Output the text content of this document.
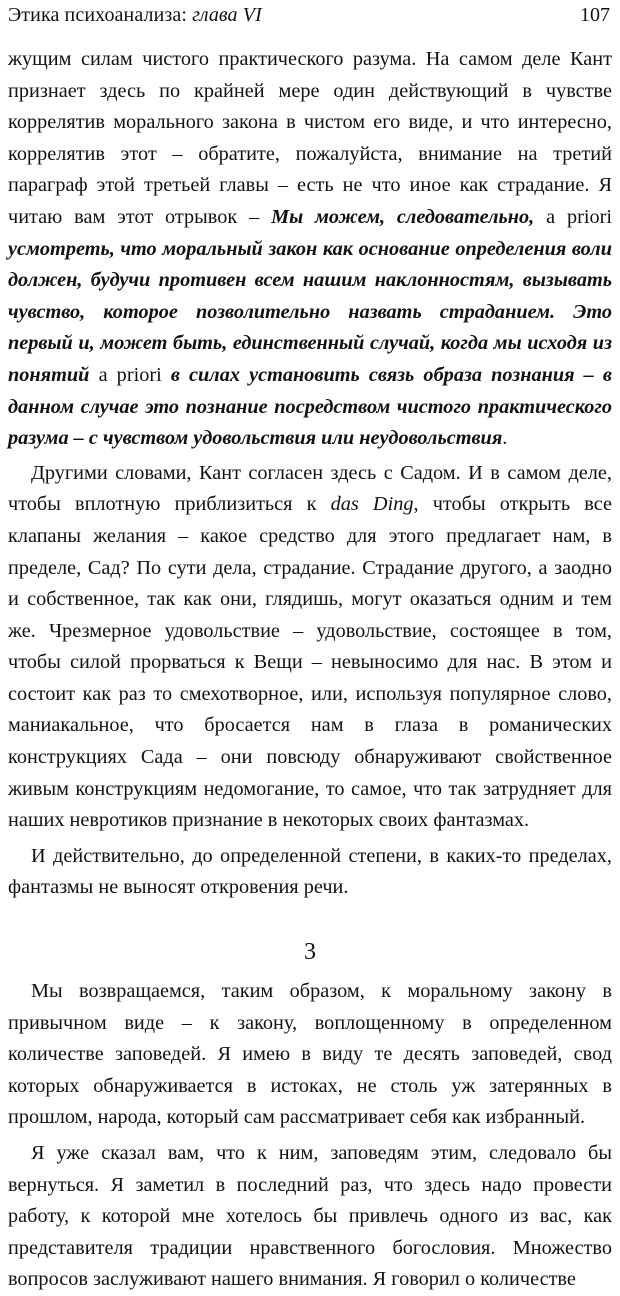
Этика психоанализа: глава VI	107

жущим силам чистого практического разума. На самом деле Кант признает здесь по крайней мере один действующий в чувстве коррелятив морального закона в чистом его виде, и что интересно, коррелятив этот – обратите, пожалуйста, внимание на третий параграф этой третьей главы – есть не что иное как страдание. Я читаю вам этот отрывок – Мы можем, следовательно, a priori усмотреть, что моральный закон как основание определения воли должен, будучи противен всем нашим наклонностям, вызывать чувство, которое позволительно назвать страданием. Это первый и, может быть, единственный случай, когда мы исходя из понятий a priori в силах установить связь образа познания – в данном случае это познание посредством чистого практического разума – с чувством удовольствия или неудовольствия.

Другими словами, Кант согласен здесь с Садом. И в самом деле, чтобы вплотную приблизиться к das Ding, чтобы открыть все клапаны желания – какое средство для этого предлагает нам, в пределе, Сад? По сути дела, страдание. Страдание другого, а заодно и собственное, так как они, глядишь, могут оказаться одним и тем же. Чрезмерное удовольствие – удовольствие, состоящее в том, чтобы силой прорваться к Вещи – невыносимо для нас. В этом и состоит как раз то смехотворное, или, используя популярное слово, маниакальное, что бросается нам в глаза в романических конструкциях Сада – они повсюду обнаруживают свойственное живым конструкциям недомогание, то самое, что так затрудняет для наших невротиков признание в некоторых своих фантазмах.

И действительно, до определенной степени, в каких-то пределах, фантазмы не выносят откровения речи.

3

Мы возвращаемся, таким образом, к моральному закону в привычном виде – к закону, воплощенному в определенном количестве заповедей. Я имею в виду те десять заповедей, свод которых обнаруживается в истоках, не столь уж затерянных в прошлом, народа, который сам рассматривает себя как избранный.

Я уже сказал вам, что к ним, заповедям этим, следовало бы вернуться. Я заметил в последний раз, что здесь надо провести работу, к которой мне хотелось бы привлечь одного из вас, как представителя традиции нравственного богословия. Множество вопросов заслуживают нашего внимания. Я говорил о количестве
